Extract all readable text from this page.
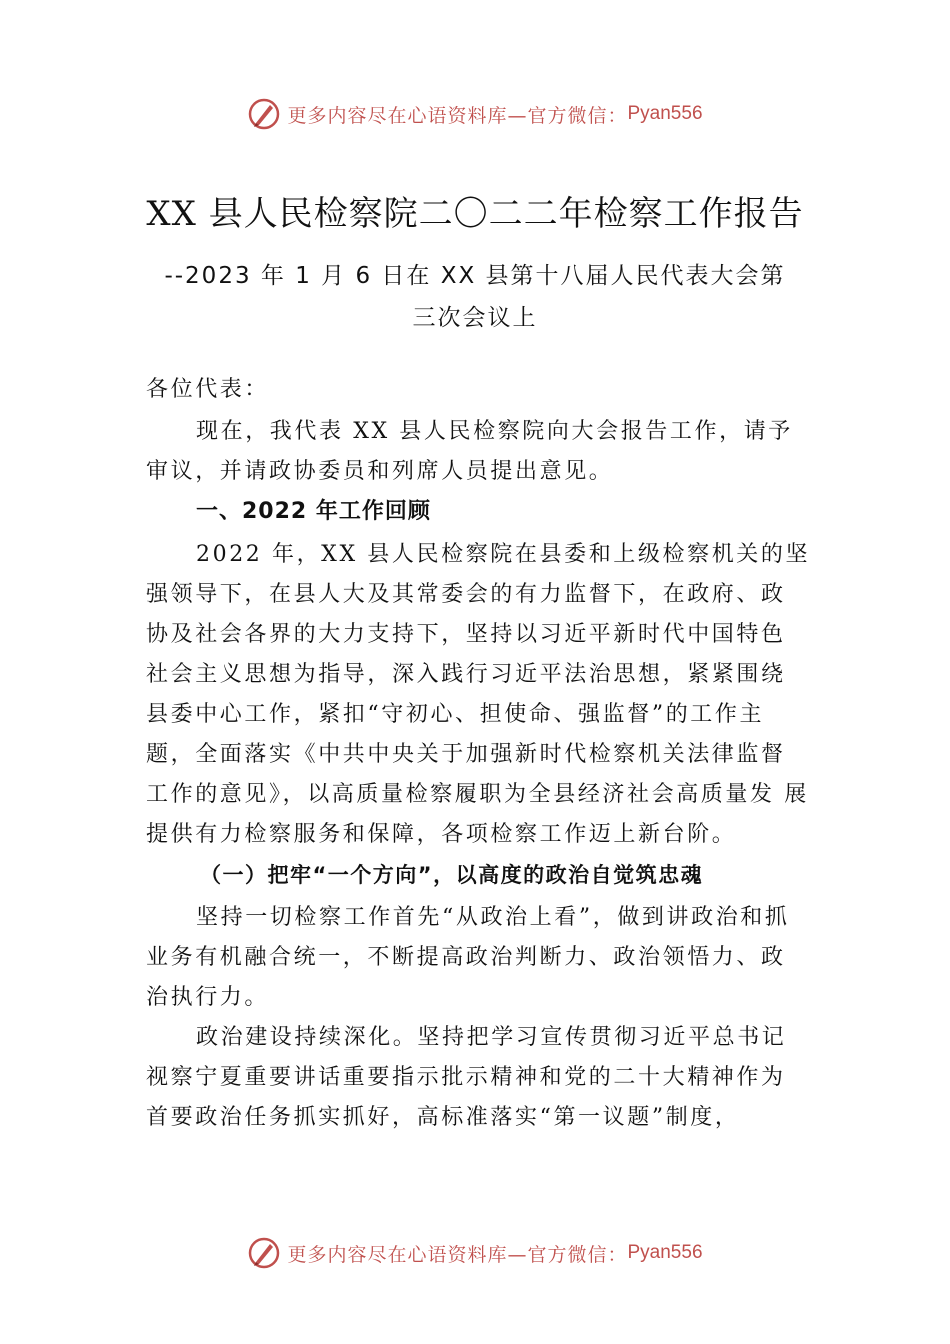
更多内容尽在心语资料库—官方微信： Pyan556
XX 县人民检察院二〇二二年检察工作报告
--2023 年 1 月 6 日在 XX 县第十八届人民代表大会第
三次会议上
各位代表：
现在，我代表 XX 县人民检察院向大会报告工作，请予
审议，并请政协委员和列席人员提出意见。
一、2022 年工作回顾
2022 年，XX 县人民检察院在县委和上级检察机关的坚
强领导下，在县人大及其常委会的有力监督下，在政府、政
协及社会各界的大力支持下，坚持以习近平新时代中国特色
社会主义思想为指导，深入践行习近平法治思想，紧紧围绕
县委中心工作，紧扣“守初心、担使命、强监督”的工作主
题，全面落实《中共中央关于加强新时代检察机关法律监督
工作的意见》，以高质量检察履职为全县经济社会高质量发 展
提供有力检察服务和保障，各项检察工作迈上新台阶。
（一）把牢“一个方向”，以高度的政治自觉筑忠魂
坚持一切检察工作首先“从政治上看”，做到讲政治和抓
业务有机融合统一，不断提高政治判断力、政治领悟力、政
治执行力。
政治建设持续深化。坚持把学习宣传贯彻习近平总书记
视察宁夏重要讲话重要指示批示精神和党的二十大精神作为
首要政治任务抓实抓好，高标准落实“第一议题”制度，
更多内容尽在心语资料库—官方微信： Pyan556
